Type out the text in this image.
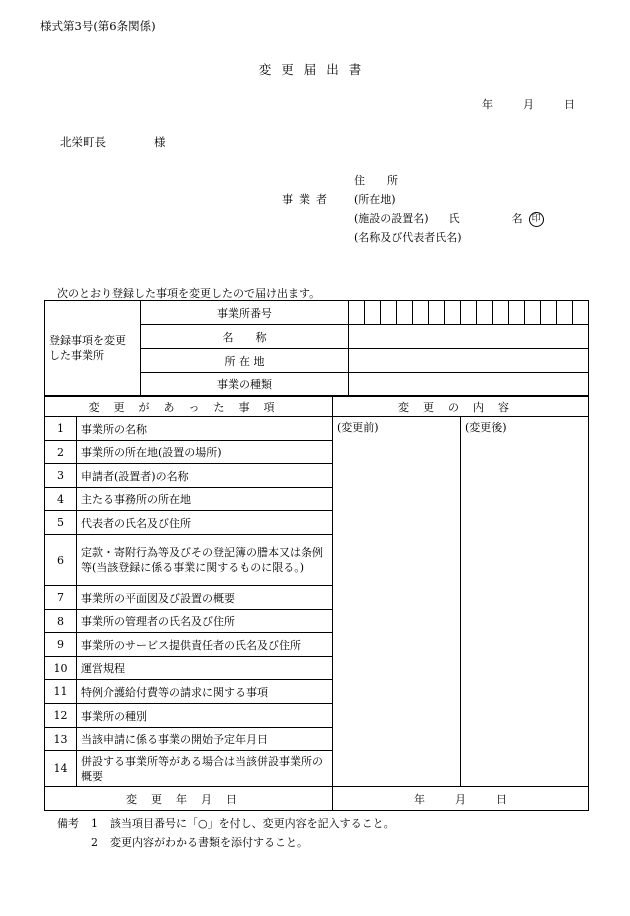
様式第3号(第6条関係)
変更届出書
年	月	日
北栄町長	様
住　　所
事業者 (所在地)
(施設の設置名) 氏	名 印
(名称及び代表者氏名)
次のとおり登録した事項を変更したので届け出ます。
登録事項を変更した事業所	事業所番号	

	名　　称	
	所 在 地	
	事業の種類	
変更があった事項		変更の内容	
1	事業所の名称	(変更前)	(変更後)
2	事業所の所在地(設置の場所)		
3	申請者(設置者)の名称		
4	主たる事務所の所在地		
5	代表者の氏名及び住所		
6	定款・寄附行為等及びその登記簿の謄本又は条例等(当該登録に係る事業に関するものに限る。)		
7	事業所の平面図及び設置の概要		
8	事業所の管理者の氏名及び住所		
9	事業所のサービス提供責任者の氏名及び住所		
10	運営規程		
11	特例介護給付費等の請求に関する事項		
12	事業所の種別		
13	当該申請に係る事業の開始予定年月日		
14	併設する事業所等がある場合は当該併設事業所の概要		
変更年月日		年 月 日	
備考 1 該当項目番号に「○」を付し、変更内容を記入すること。
2 変更内容がわかる書類を添付すること。
